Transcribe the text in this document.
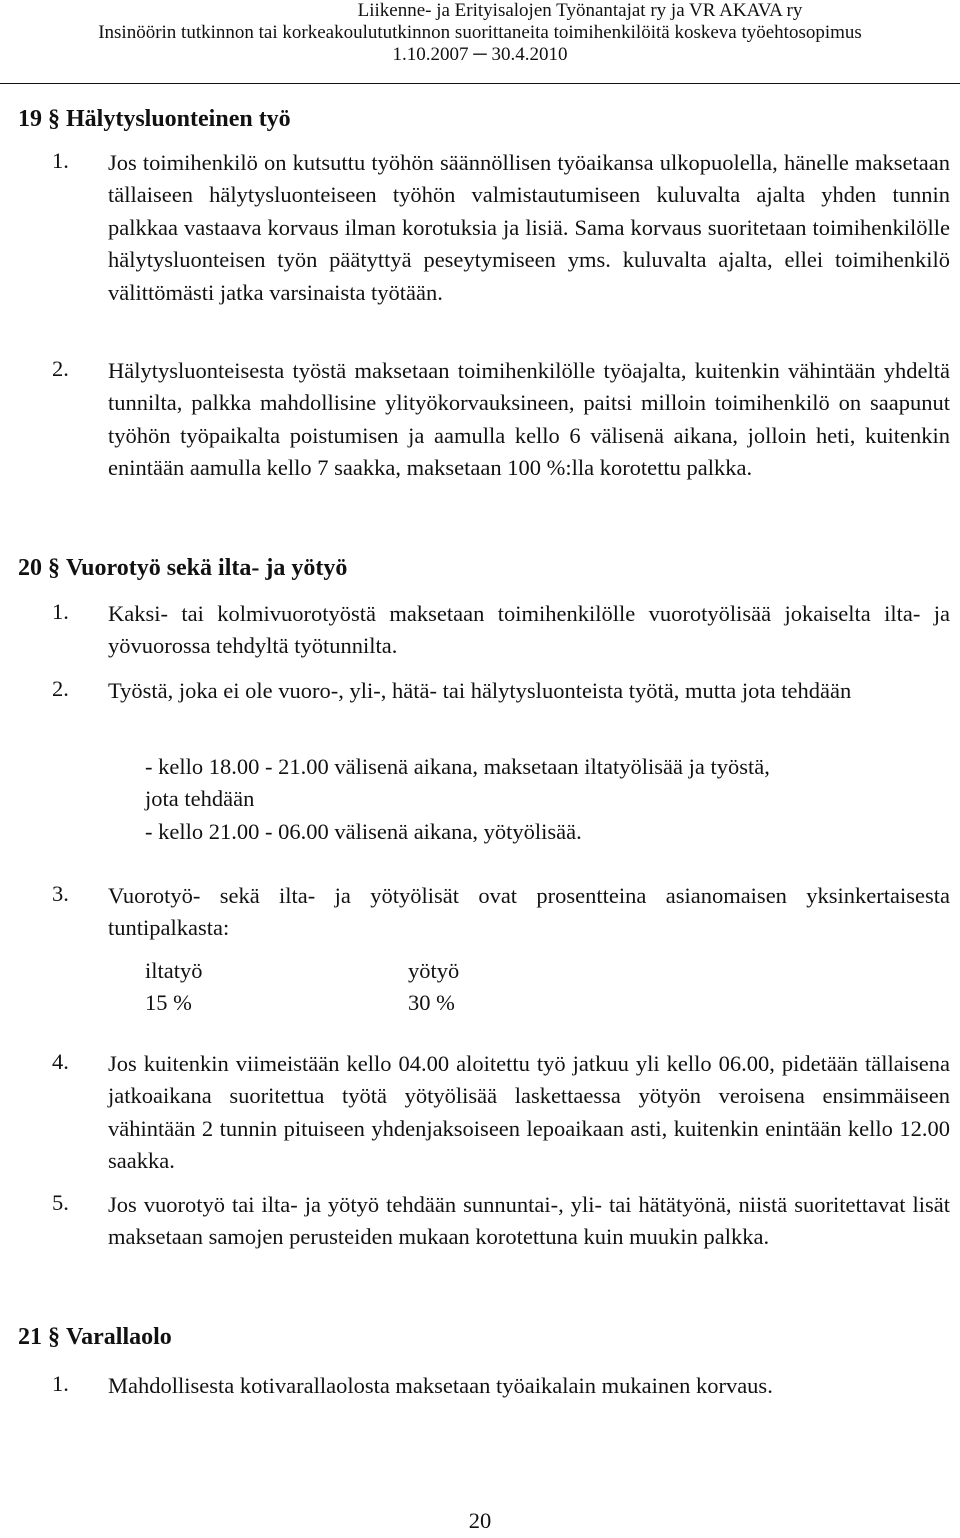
Liikenne- ja Erityisalojen Työnantajat ry ja VR AKAVA ry
Insinöörin tutkinnon tai korkeakoulututkinnon suorittaneita toimihenkilöitä koskeva työehtosopimus
1.10.2007 ─ 30.4.2010
19 § Hälytysluonteinen työ
1. Jos toimihenkilö on kutsuttu työhön säännöllisen työaikansa ulkopuolella, hänelle maksetaan tällaiseen hälytysluonteiseen työhön valmistautumiseen kuluvalta ajalta yhden tunnin palkkaa vastaava korvaus ilman korotuksia ja lisiä. Sama korvaus suoritetaan toimihenkilölle hälytysluonteisen työn päätyttyä peseytymiseen yms. kuluvalta ajalta, ellei toimihenkilö välittömästi jatka varsinaista työtään.
2. Hälytysluonteisesta työstä maksetaan toimihenkilölle työajalta, kuitenkin vähintään yhdeltä tunnilta, palkka mahdollisine ylityökorvauksineen, paitsi milloin toimihenkilö on saapunut työhön työpaikalta poistumisen ja aamulla kello 6 välisenä aikana, jolloin heti, kuitenkin enintään aamulla kello 7 saakka, maksetaan 100 %:lla korotettu palkka.
20 § Vuorotyö sekä ilta- ja yötyö
1. Kaksi- tai kolmivuorotyöstä maksetaan toimihenkilölle vuorotyölisää jokaiselta ilta- ja yövuorossa tehdyltä työtunnilta.
2. Työstä, joka ei ole vuoro-, yli-, hätä- tai hälytysluonteista työtä, mutta jota tehdään
- kello 18.00 - 21.00 välisenä aikana, maksetaan iltatyölisää ja työstä,
jota tehdään
- kello 21.00 - 06.00 välisenä aikana, yötyölisää.
3. Vuorotyö- sekä ilta- ja yötyölisät ovat prosentteina asianomaisen yksinkertaisesta tuntipalkasta:
iltatyö	yötyö
15 %	30 %
4. Jos kuitenkin viimeistään kello 04.00 aloitettu työ jatkuu yli kello 06.00, pidetään tällaisena jatkoaikana suoritettua työtä yötyölisää laskettaessa yötyön veroisena ensimmäiseen vähintään 2 tunnin pituiseen yhdenjaksoiseen lepoaikaan asti, kuitenkin enintään kello 12.00 saakka.
5. Jos vuorotyö tai ilta- ja yötyö tehdään sunnuntai-, yli- tai hätätyönä, niistä suoritettavat lisät maksetaan samojen perusteiden mukaan korotettuna kuin muukin palkka.
21 § Varallaolo
1. Mahdollisesta kotivarallaolosta maksetaan työaikalain mukainen korvaus.
20
